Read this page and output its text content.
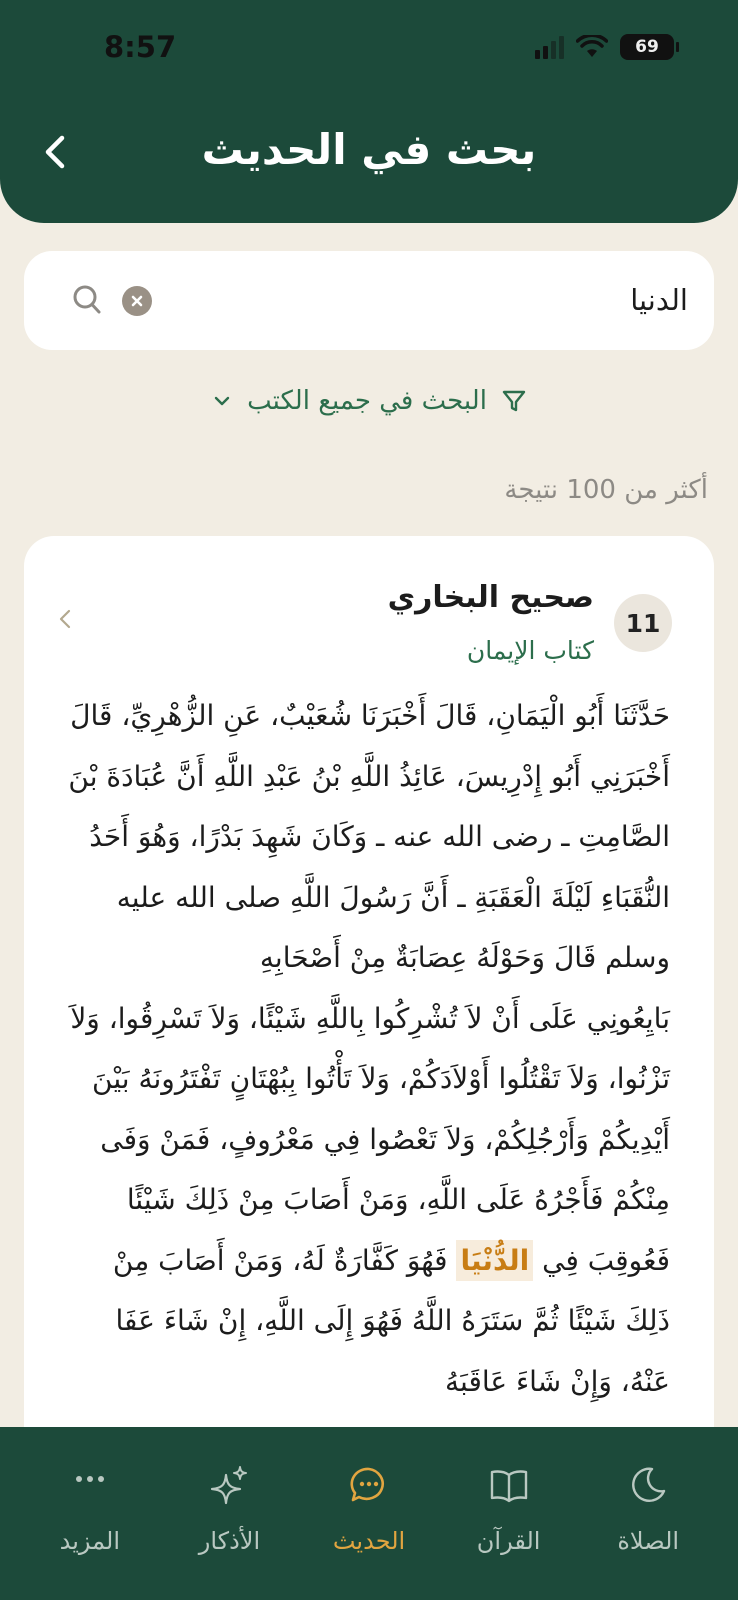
8:57	69
بحث في الحديث
الدنيا
البحث في جميع الكتب
أكثر من 100 نتيجة
11
صحيح البخاري
كتاب الإيمان
حَدَّثَنَا أَبُو الْيَمَانِ، قَالَ أَخْبَرَنَا شُعَيْبٌ، عَنِ الزُّهْرِيِّ، قَالَ أَخْبَرَنِي أَبُو إِدْرِيسَ، عَائِذُ اللَّهِ بْنُ عَبْدِ اللَّهِ أَنَّ عُبَادَةَ بْنَ الصَّامِتِ ـ رضى الله عنه ـ وَكَانَ شَهِدَ بَدْرًا، وَهُوَ أَحَدُ النُّقَبَاءِ لَيْلَةَ الْعَقَبَةِ ـ أَنَّ رَسُولَ اللَّهِ صلى الله عليه وسلم قَالَ وَحَوْلَهُ عِصَابَةٌ مِنْ أَصْحَابِهِ
بَايِعُونِي عَلَى أَنْ لاَ تُشْرِكُوا بِاللَّهِ شَيْئًا، وَلاَ تَسْرِقُوا، وَلاَ تَزْنُوا، وَلاَ تَقْتُلُوا أَوْلاَدَكُمْ، وَلاَ تَأْتُوا بِبُهْتَانٍ تَفْتَرُونَهُ بَيْنَ أَيْدِيكُمْ وَأَرْجُلِكُمْ، وَلاَ تَعْصُوا فِي مَعْرُوفٍ، فَمَنْ وَفَى مِنْكُمْ فَأَجْرُهُ عَلَى اللَّهِ، وَمَنْ أَصَابَ مِنْ ذَلِكَ شَيْئًا فَعُوقِبَ فِي الدُّنْيَا فَهُوَ كَفَّارَةٌ لَهُ، وَمَنْ أَصَابَ مِنْ ذَلِكَ شَيْئًا ثُمَّ سَتَرَهُ اللَّهُ فَهُوَ إِلَى اللَّهِ، إِنْ شَاءَ عَفَا عَنْهُ، وَإِنْ شَاءَ عَاقَبَهُ
الصلاة
القرآن
الحديث
الأذكار
المزيد
